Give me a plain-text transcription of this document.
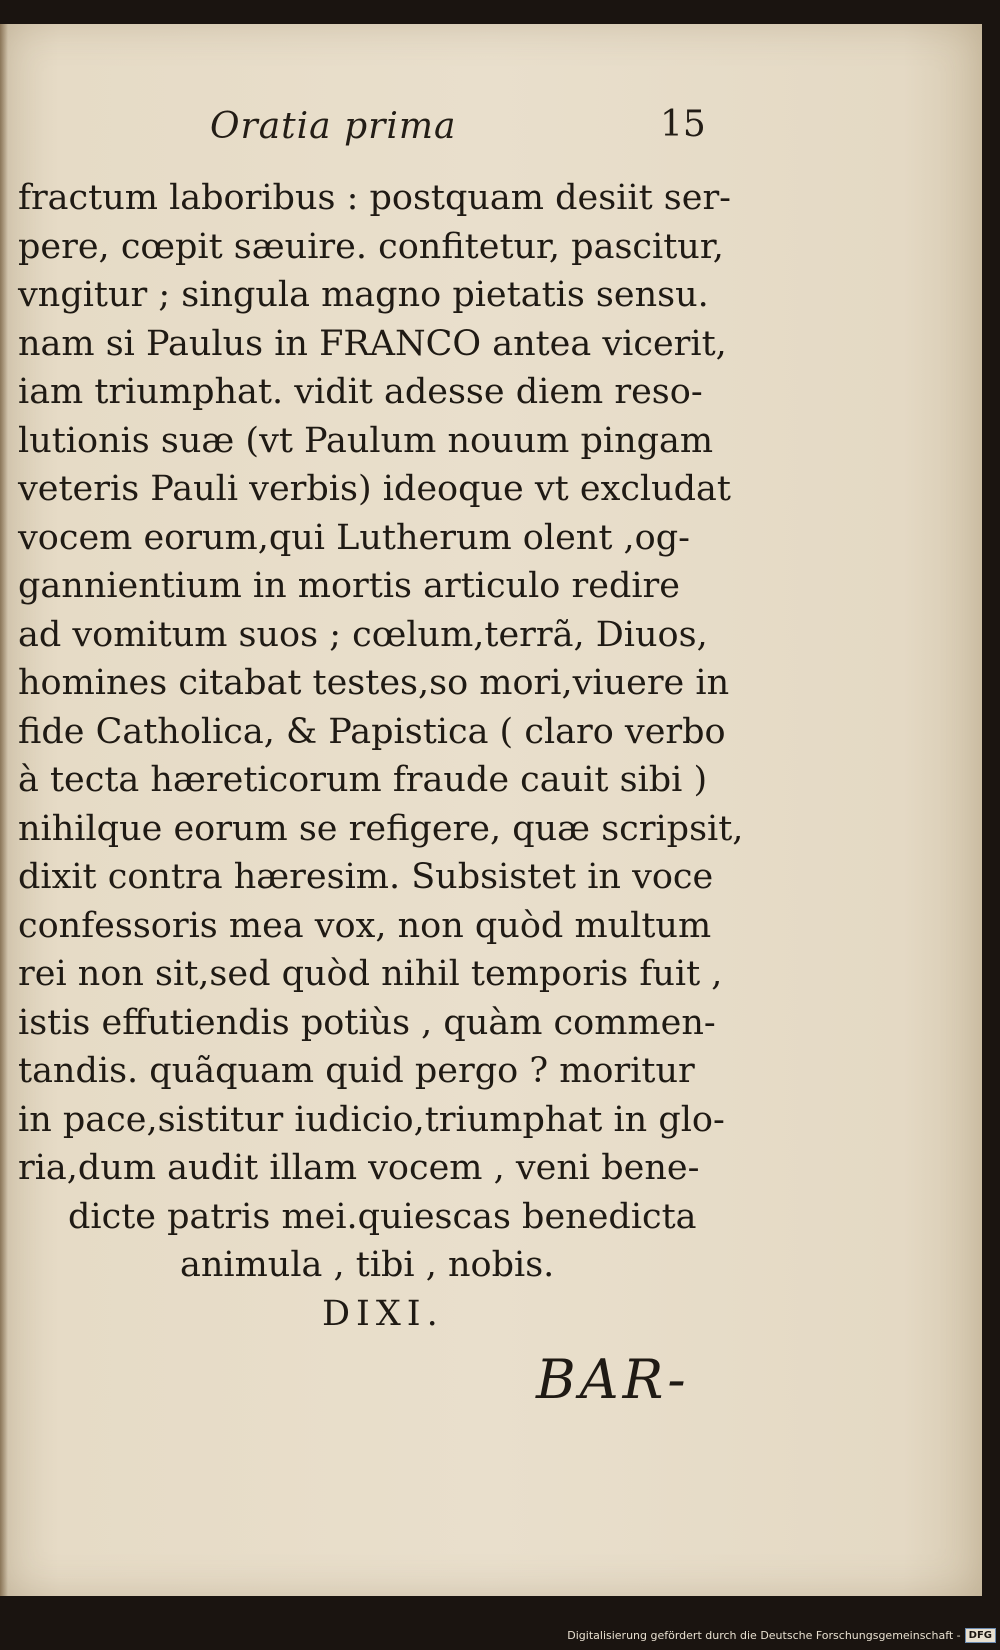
Oratia prima	15
fractum laboribus : postquam desiit ser-
pere, cœpit sæuire. confitetur, pascitur,
vngitur ; singula magno pietatis sensu.
nam si Paulus in FRANCO antea vicerit,
iam triumphat. vidit adesse diem reso-
lutionis suæ (vt Paulum nouum pingam
veteris Pauli verbis) ideoque vt excludat
vocem eorum,qui Lutherum olent ,og-
gannientium in mortis articulo redire
ad vomitum suos ; cœlum,terrã, Diuos,
homines citabat testes,so mori,viuere in
fide Catholica, & Papistica ( claro verbo
à tecta hæreticorum fraude cauit sibi )
nihilque eorum se refigere, quæ scripsit,
dixit contra hæresim. Subsistet in voce
confessoris mea vox, non quòd multum
rei non sit,sed quòd nihil temporis fuit ,
istis effutiendis potiùs , quàm commen-
tandis. quãquam quid pergo ? moritur
in pace,sistitur iudicio,triumphat in glo-
ria,dum audit illam vocem , veni bene-
dicte patris mei.quiescas benedicta
animula , tibi , nobis.
DIXI.
BAR-
Digitalisierung gefördert durch die Deutsche Forschungsgemeinschaft - DFG
